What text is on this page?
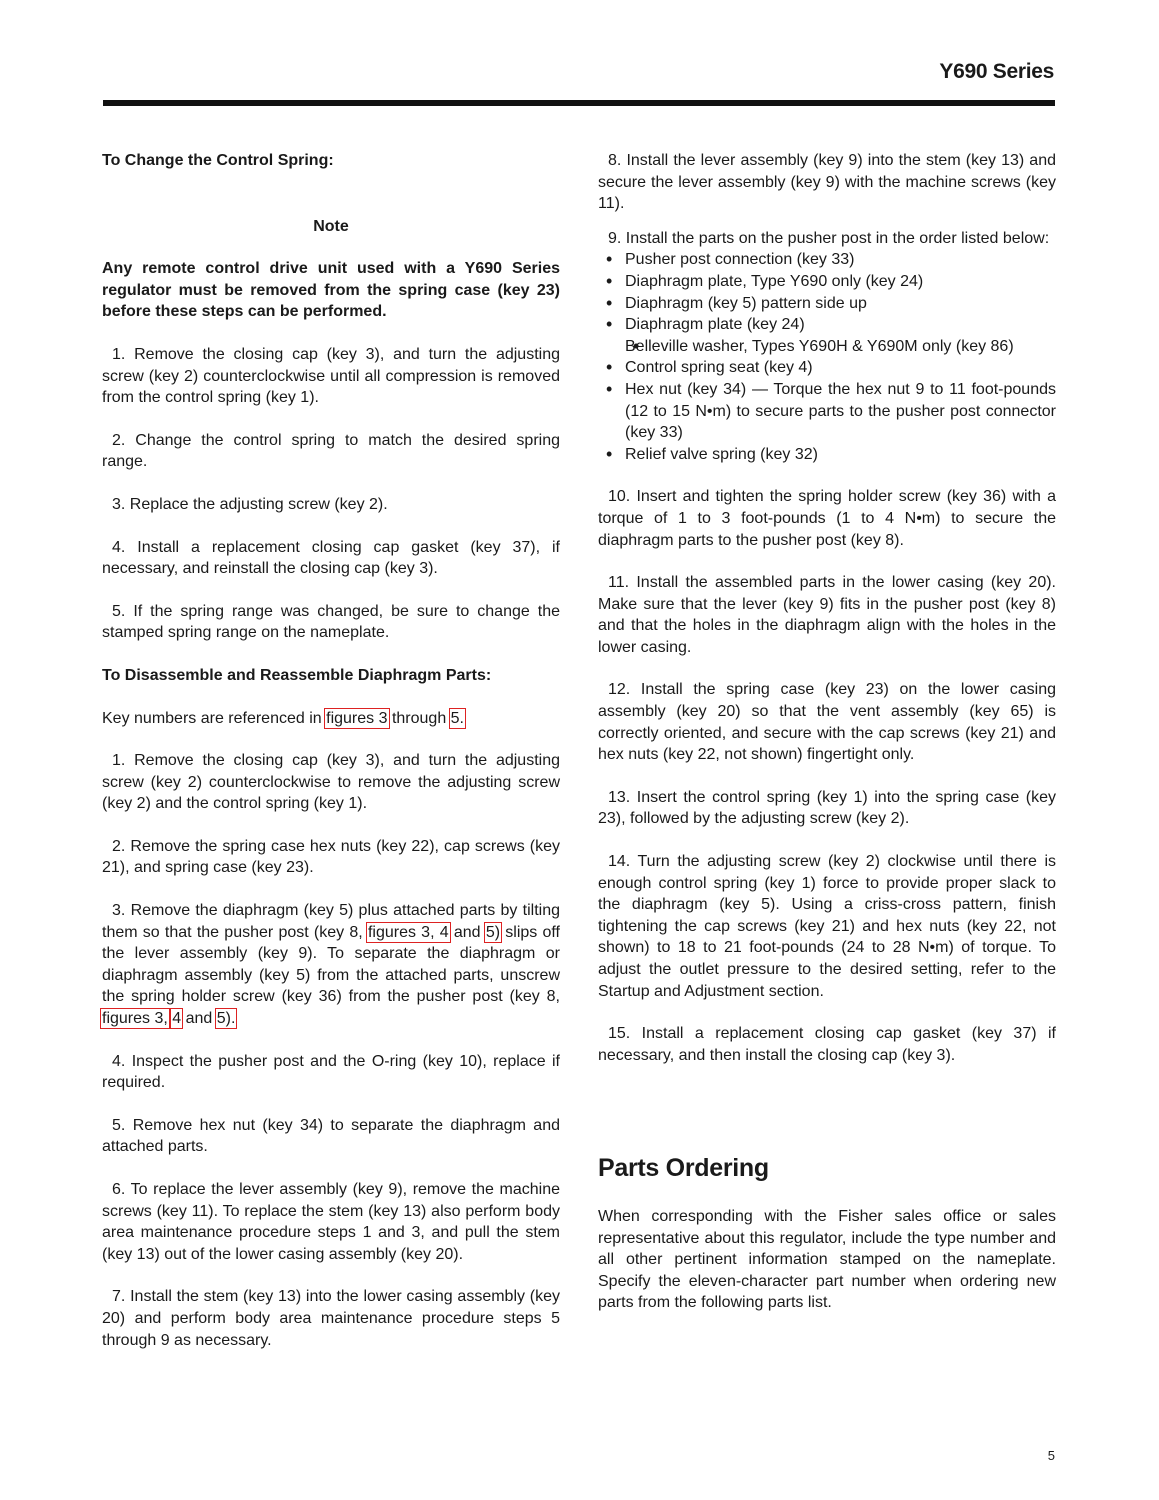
Y690 Series

To Change the Control Spring:

Note

Any remote control drive unit used with a Y690 Series regulator must be removed from the spring case (key 23) before these steps can be performed.

1. Remove the closing cap (key 3), and turn the adjusting screw (key 2) counterclockwise until all compression is removed from the control spring (key 1).

2. Change the control spring to match the desired spring range.

3. Replace the adjusting screw (key 2).

4. Install a replacement closing cap gasket (key 37), if necessary, and reinstall the closing cap (key 3).

5. If the spring range was changed, be sure to change the stamped spring range on the nameplate.

To Disassemble and Reassemble Diaphragm Parts:

Key numbers are referenced in figures 3 through 5.

1. Remove the closing cap (key 3), and turn the adjusting screw (key 2) counterclockwise to remove the adjusting screw (key 2) and the control spring (key 1).

2. Remove the spring case hex nuts (key 22), cap screws (key 21), and spring case (key 23).

3. Remove the diaphragm (key 5) plus attached parts by tilting them so that the pusher post (key 8, figures 3, 4 and 5) slips off the lever assembly (key 9). To separate the diaphragm or diaphragm assembly (key 5) from the attached parts, unscrew the spring holder screw (key 36) from the pusher post (key 8, figures 3, 4 and 5).

4. Inspect the pusher post and the O-ring (key 10), replace if required.

5. Remove hex nut (key 34) to separate the diaphragm and attached parts.

6. To replace the lever assembly (key 9), remove the machine screws (key 11). To replace the stem (key 13) also perform body area maintenance procedure steps 1 and 3, and pull the stem (key 13) out of the lower casing assembly (key 20).

7. Install the stem (key 13) into the lower casing assembly (key 20) and perform body area maintenance procedure steps 5 through 9 as necessary.

8. Install the lever assembly (key 9) into the stem (key 13) and secure the lever assembly (key 9) with the machine screws (key 11).

9. Install the parts on the pusher post in the order listed below:

• Pusher post connection (key 33)
• Diaphragm plate, Type Y690 only (key 24)
• Diaphragm (key 5) pattern side up
• Diaphragm plate (key 24)
• Belleville washer, Types Y690H & Y690M only (key 86)
• Control spring seat (key 4)
• Hex nut (key 34) — Torque the hex nut 9 to 11 foot-pounds (12 to 15 N•m) to secure parts to the pusher post connector (key 33)
• Relief valve spring (key 32)

10. Insert and tighten the spring holder screw (key 36) with a torque of 1 to 3 foot-pounds (1 to 4 N•m) to secure the diaphragm parts to the pusher post (key 8).

11. Install the assembled parts in the lower casing (key 20). Make sure that the lever (key 9) fits in the pusher post (key 8) and that the holes in the diaphragm align with the holes in the lower casing.

12. Install the spring case (key 23) on the lower casing assembly (key 20) so that the vent assembly (key 65) is correctly oriented, and secure with the cap screws (key 21) and hex nuts (key 22, not shown) fingertight only.

13. Insert the control spring (key 1) into the spring case (key 23), followed by the adjusting screw (key 2).

14. Turn the adjusting screw (key 2) clockwise until there is enough control spring (key 1) force to provide proper slack to the diaphragm (key 5). Using a criss-cross pattern, finish tightening the cap screws (key 21) and hex nuts (key 22, not shown) to 18 to 21 foot-pounds (24 to 28 N•m) of torque. To adjust the outlet pressure to the desired setting, refer to the Startup and Adjustment section.

15. Install a replacement closing cap gasket (key 37) if necessary, and then install the closing cap (key 3).

Parts Ordering

When corresponding with the Fisher sales office or sales representative about this regulator, include the type number and all other pertinent information stamped on the nameplate. Specify the eleven-character part number when ordering new parts from the following parts list.

5
